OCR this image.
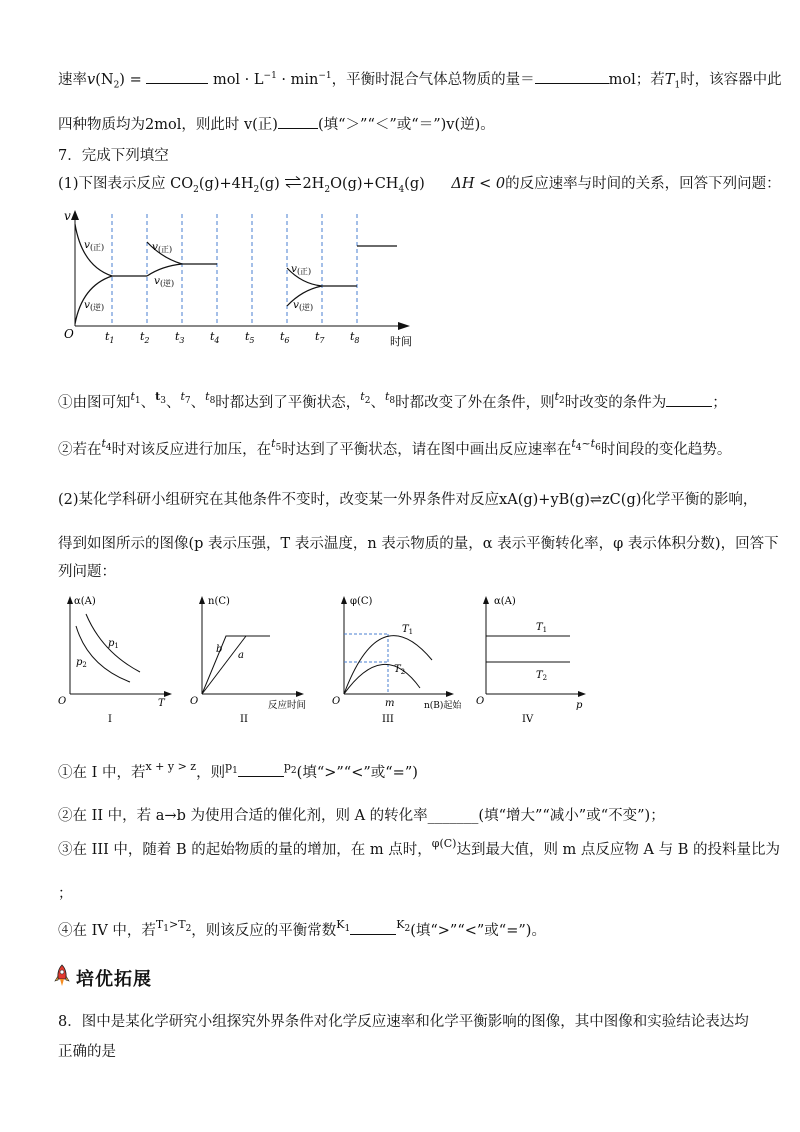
速率$v(N_2)$ =	mol · $L^{-1} \cdot \min^{-1}$，平衡时混合气体总物质的量＝	mol；若$T_1$时，该容器中此
四种物质均为2mol，则此时 v(正)	(填“＞”“＜”或“＝”)v(逆)。
7．完成下列填空
(1)下图表示反应 $CO_2(g)+4H_2(g)$ $\rightleftharpoons 2H_2O(g)+CH_4(g) \Delta H < 0$的反应速率与时间的关系，回答下列问题：
v
O
时间
$t_1$ $t_2$ $t_3$ $t_4$ $t_5$ $t_6$ $t_7$ $t_8$
v(正)
v(逆)
v(正)
v(逆)
v(正)
v(逆)
①由图可知$^{t_1}$、$^{t_3}$、$^{t_7}$、$^{t_8}$时都达到了平衡状态，$^{t_2}$、$^{t_8}$时都改变了外在条件，则$^{t_2}$时改变的条件为	；
②若在$^{t_4}$时对该反应进行加压，在$^{t_5}$时达到了平衡状态，请在图中画出反应速率在$^{t_4\sim t_6}$时间段的变化趋势。
(2)某化学科研小组研究在其他条件不变时，改变某一外界条件对反应xA(g)+yB(g)⇌zC(g)化学平衡的影响，
得到如图所示的图像(p 表示压强，T 表示温度，n 表示物质的量，α 表示平衡转化率，φ 表示体积分数)，回答下
列问题：
α(A)
O	T
$p_1$
$p_2$
I
n(C)
O	反应时间
b
a
II
φ(C)
O	n(B)起始
m
$T_1$
$T_2$
III
α(A)
O	p
$T_1$
$T_2$
IV
①在 I 中，若$^{x + y > z}$，则$^{p_1}$	$^{p_2}$(填“>”“<”或“=”)
②在 II 中，若 a→b 为使用合适的催化剂，则 A 的转化率_______(填“增大”“减小”或“不变”)；
③在 III 中，随着 B 的起始物质的量的增加，在 m 点时，$^{\varphi(C)}$达到最大值，则 m 点反应物 A 与 B 的投料量比为
；
④在 IV 中，若$^{T_1>T_2}$，则该反应的平衡常数$^{K_1}$	$^{K_2}$(填“>”“<”或“=”)。
培优拓展
8．图中是某化学研究小组探究外界条件对化学反应速率和化学平衡影响的图像，其中图像和实验结论表达均
正确的是
